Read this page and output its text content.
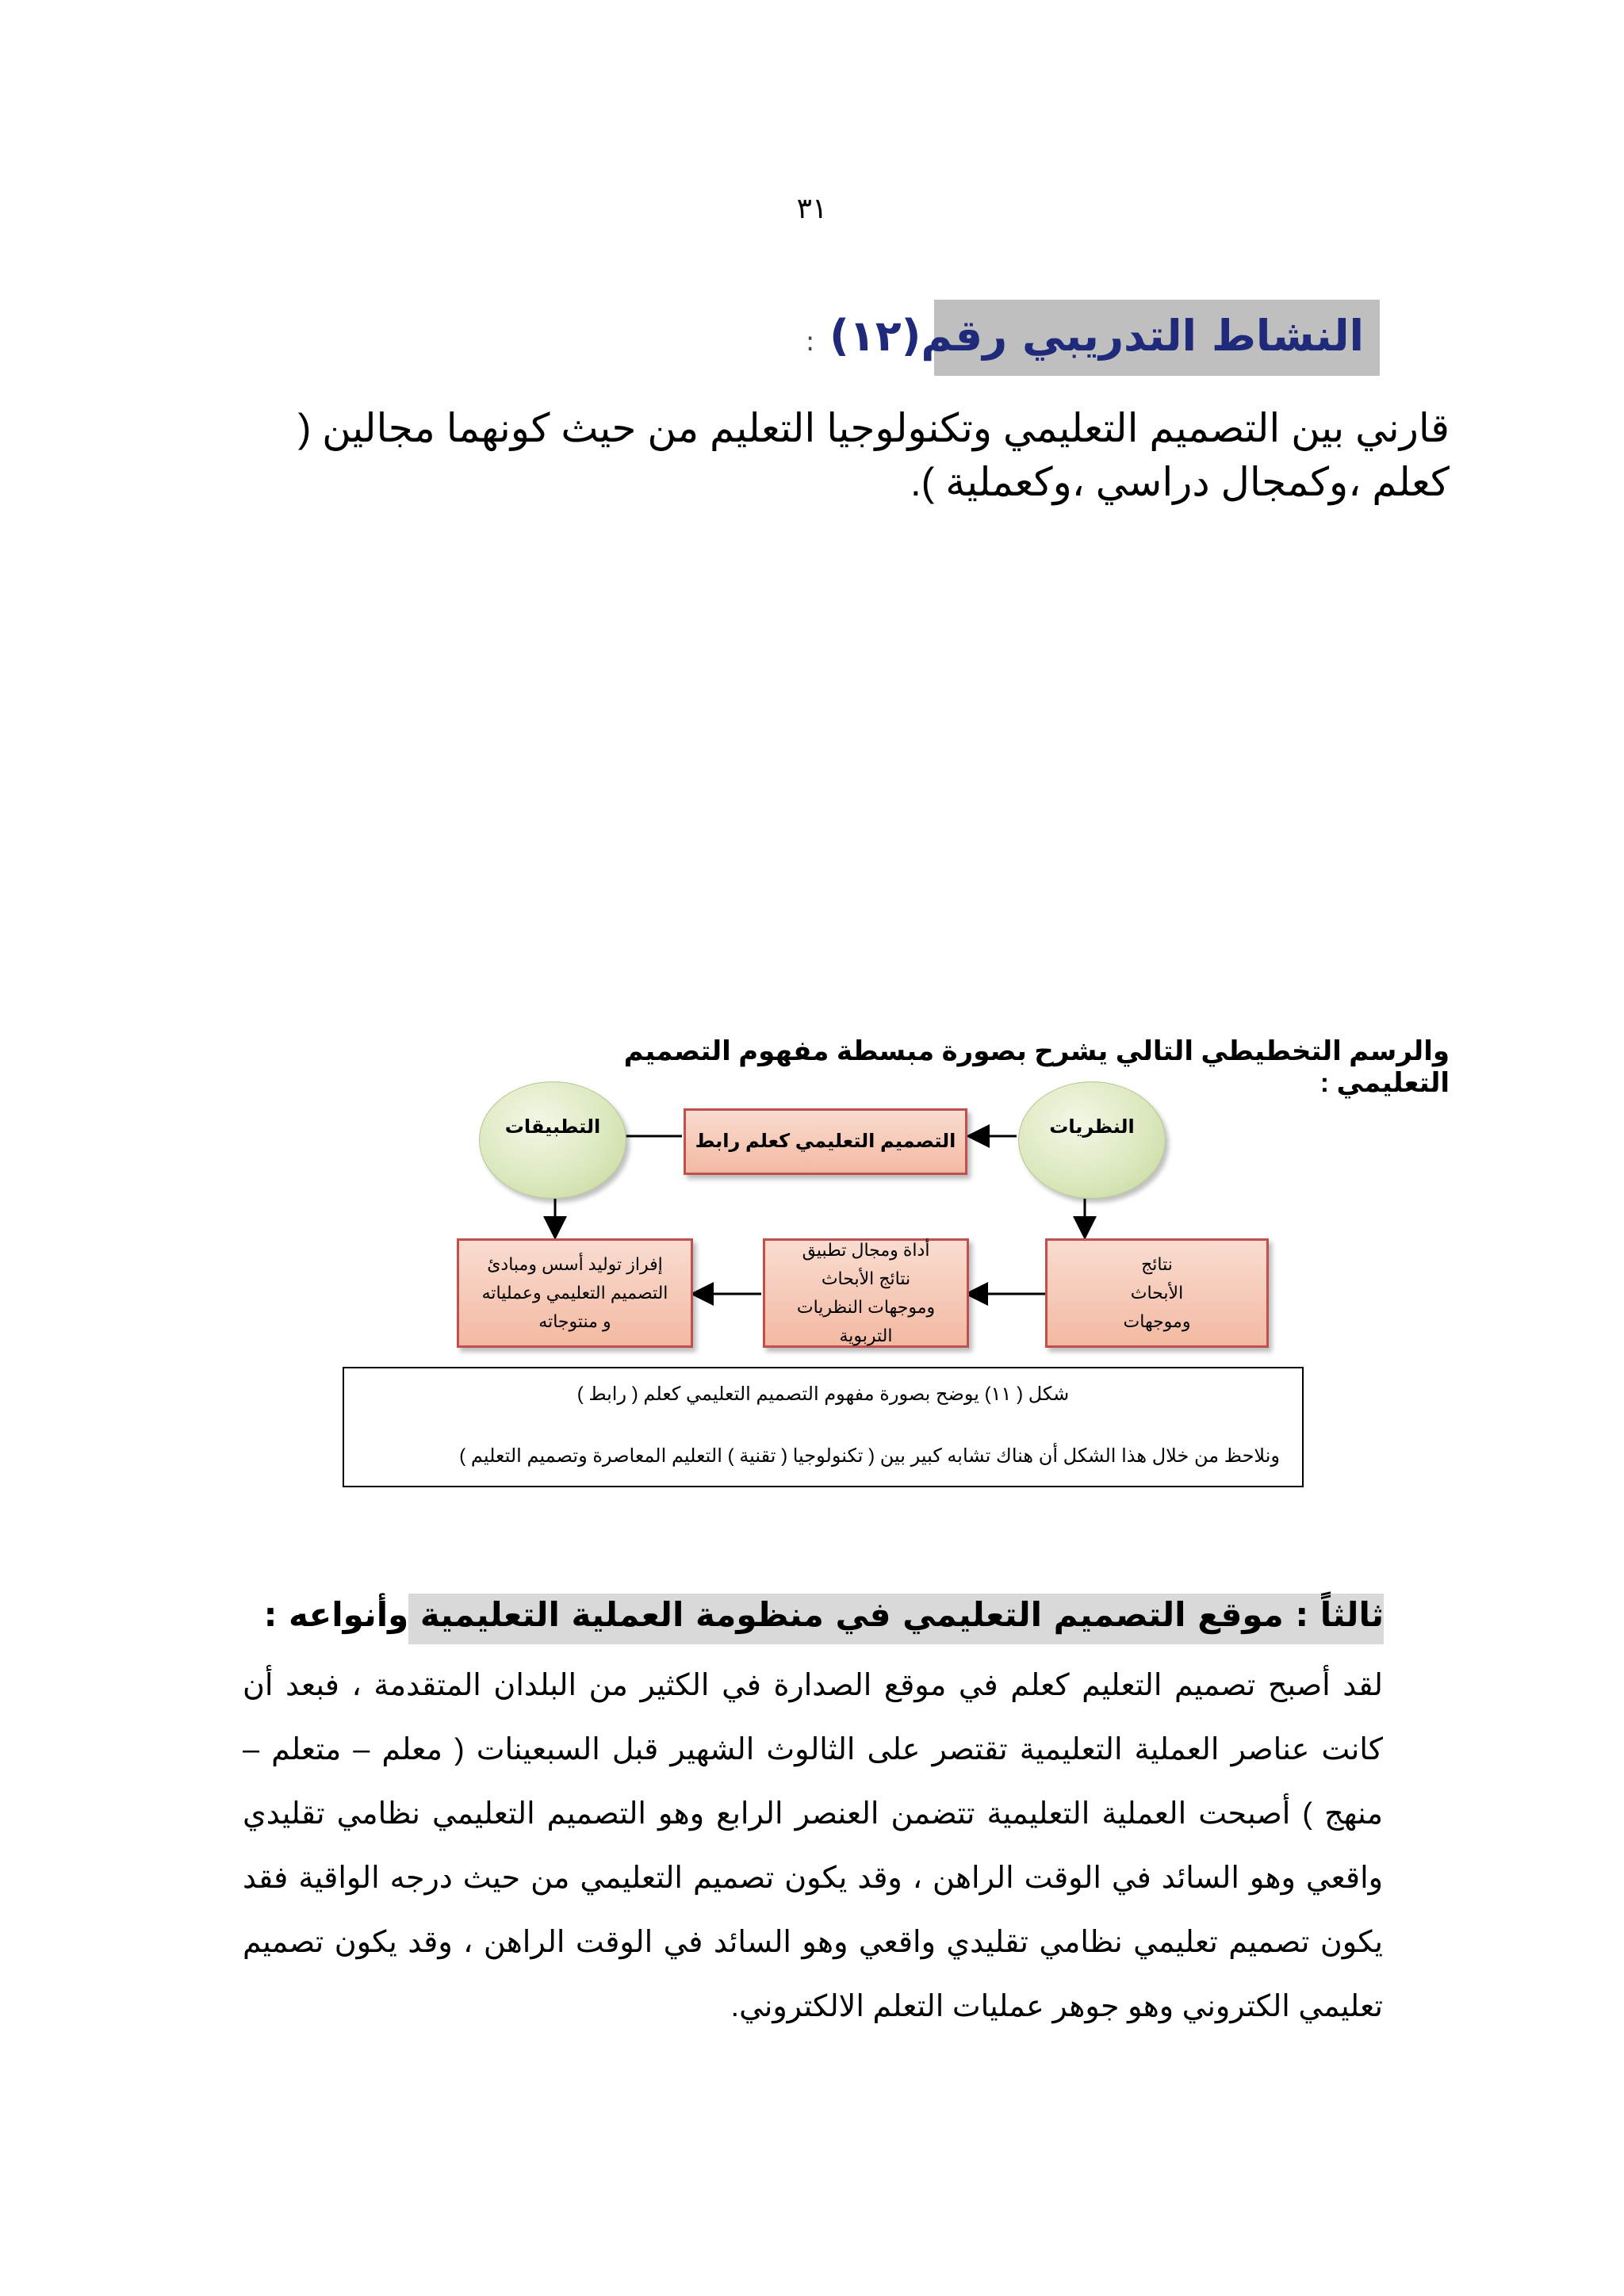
٣١
النشاط التدريبي رقم(١٢) :
قارني بين التصميم التعليمي وتكنولوجيا التعليم من حيث كونهما مجالين ( كعلم ،وكمجال دراسي ،وكعملية ).
والرسم التخطيطي التالي يشرح بصورة مبسطة مفهوم التصميم التعليمي :
النظريات
التطبيقات
التصميم التعليمي كعلم رابط
نتائج الأبحاث وموجهات
أداة ومجال تطبيق نتائج الأبحاث وموجهات النظريات التربوية
إفراز توليد أسس ومبادئ التصميم التعليمي وعملياته و منتوجاته
شكل ( ١١) يوضح بصورة مفهوم التصميم التعليمي كعلم ( رابط )
ونلاحظ من خلال هذا الشكل أن هناك تشابه كبير بين ( تكنولوجيا ( تقنية ) التعليم المعاصرة وتصميم التعليم )
ثالثاً : موقع التصميم التعليمي في منظومة العملية التعليمية وأنواعه :
لقد أصبح تصميم التعليم كعلم في موقع الصدارة في الكثير من البلدان المتقدمة ، فبعد أن كانت عناصر العملية التعليمية تقتصر على الثالوث الشهير قبل السبعينات ( معلم – متعلم – منهج ) أصبحت العملية التعليمية تتضمن العنصر الرابع وهو التصميم التعليمي نظامي تقليدي واقعي وهو السائد في الوقت الراهن ، وقد يكون تصميم التعليمي من حيث درجه الواقية فقد يكون تصميم تعليمي نظامي تقليدي واقعي وهو السائد في الوقت الراهن ، وقد يكون تصميم تعليمي الكتروني وهو جوهر عمليات التعلم الالكتروني.
